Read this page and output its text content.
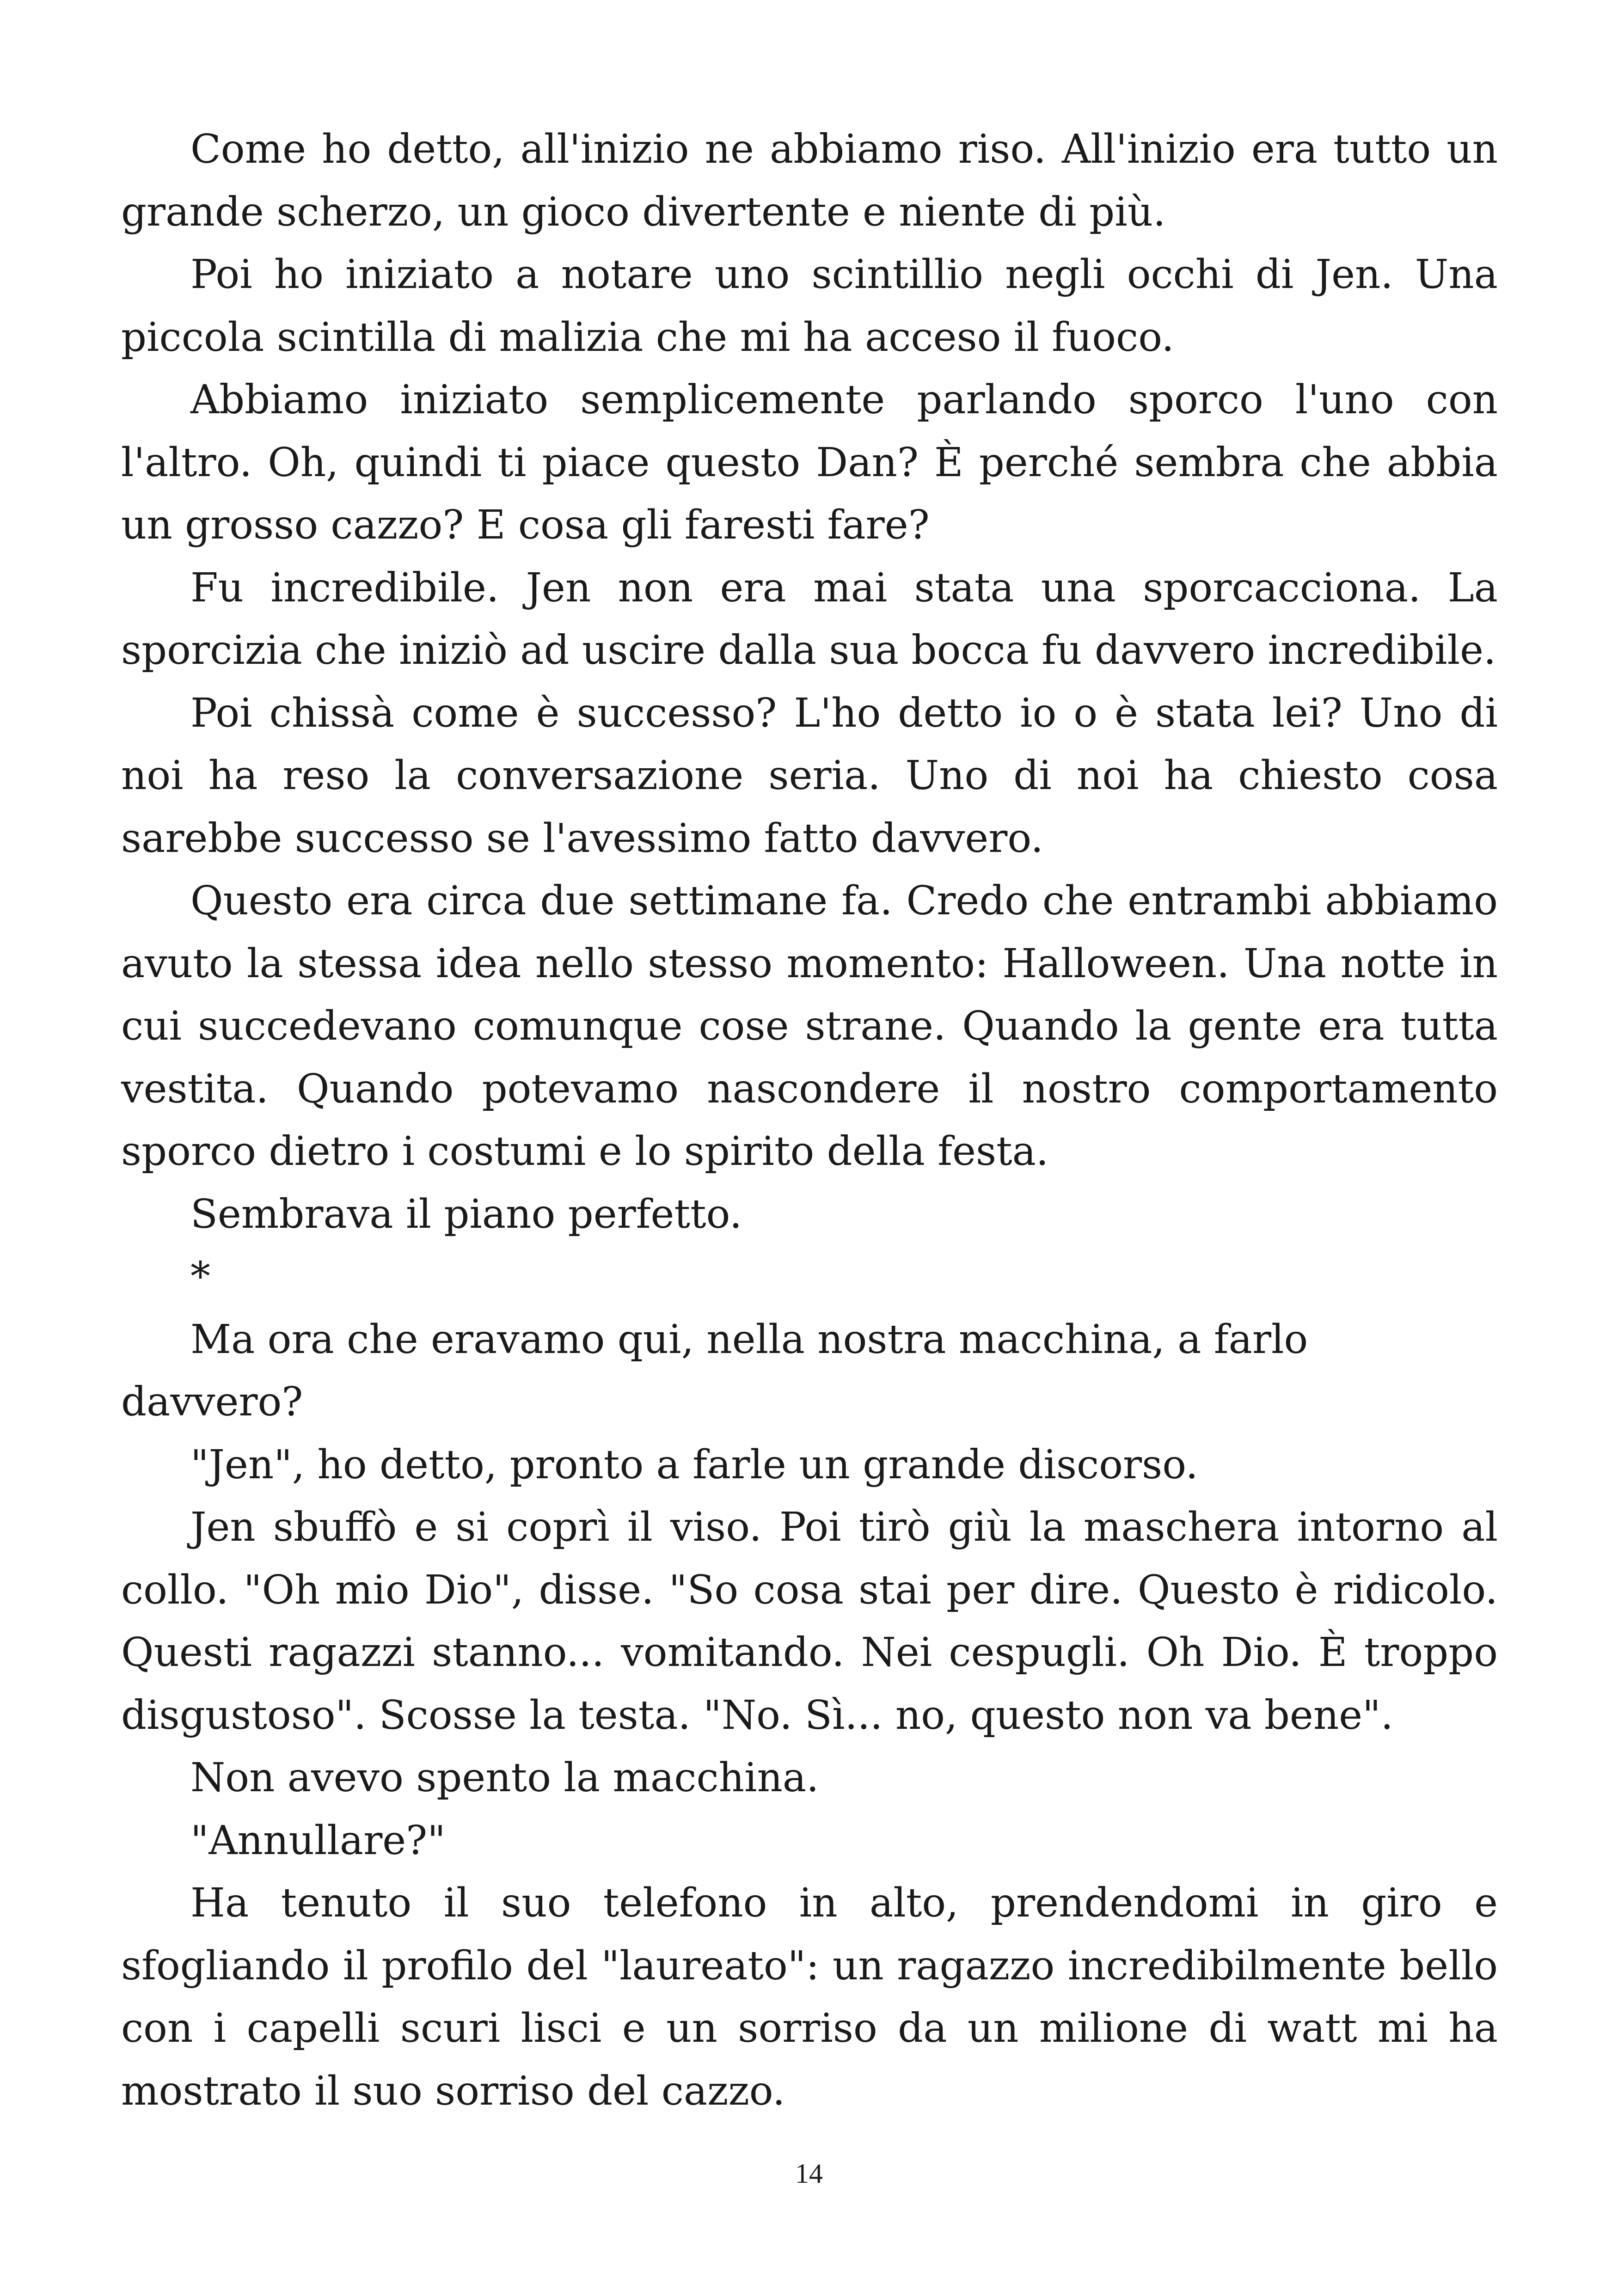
Come ho detto, all'inizio ne abbiamo riso. All'inizio era tutto un grande scherzo, un gioco divertente e niente di più.

Poi ho iniziato a notare uno scintillio negli occhi di Jen. Una piccola scintilla di malizia che mi ha acceso il fuoco.

Abbiamo iniziato semplicemente parlando sporco l'uno con l'altro. Oh, quindi ti piace questo Dan? È perché sembra che abbia un grosso cazzo? E cosa gli faresti fare?

Fu incredibile. Jen non era mai stata una sporcacciona. La sporcizia che iniziò ad uscire dalla sua bocca fu davvero incredibile.

Poi chissà come è successo? L'ho detto io o è stata lei? Uno di noi ha reso la conversazione seria. Uno di noi ha chiesto cosa sarebbe successo se l'avessimo fatto davvero.

Questo era circa due settimane fa. Credo che entrambi abbiamo avuto la stessa idea nello stesso momento: Halloween. Una notte in cui succedevano comunque cose strane. Quando la gente era tutta vestita. Quando potevamo nascondere il nostro comportamento sporco dietro i costumi e lo spirito della festa.

Sembrava il piano perfetto.

*

Ma ora che eravamo qui, nella nostra macchina, a farlo davvero?

"Jen", ho detto, pronto a farle un grande discorso.

Jen sbuffò e si coprì il viso. Poi tirò giù la maschera intorno al collo. "Oh mio Dio", disse. "So cosa stai per dire. Questo è ridicolo. Questi ragazzi stanno... vomitando. Nei cespugli. Oh Dio. È troppo disgustoso". Scosse la testa. "No. Sì... no, questo non va bene".

Non avevo spento la macchina.

"Annullare?"

Ha tenuto il suo telefono in alto, prendendomi in giro e sfogliando il profilo del "laureato": un ragazzo incredibilmente bello con i capelli scuri lisci e un sorriso da un milione di watt mi ha mostrato il suo sorriso del cazzo.

14
